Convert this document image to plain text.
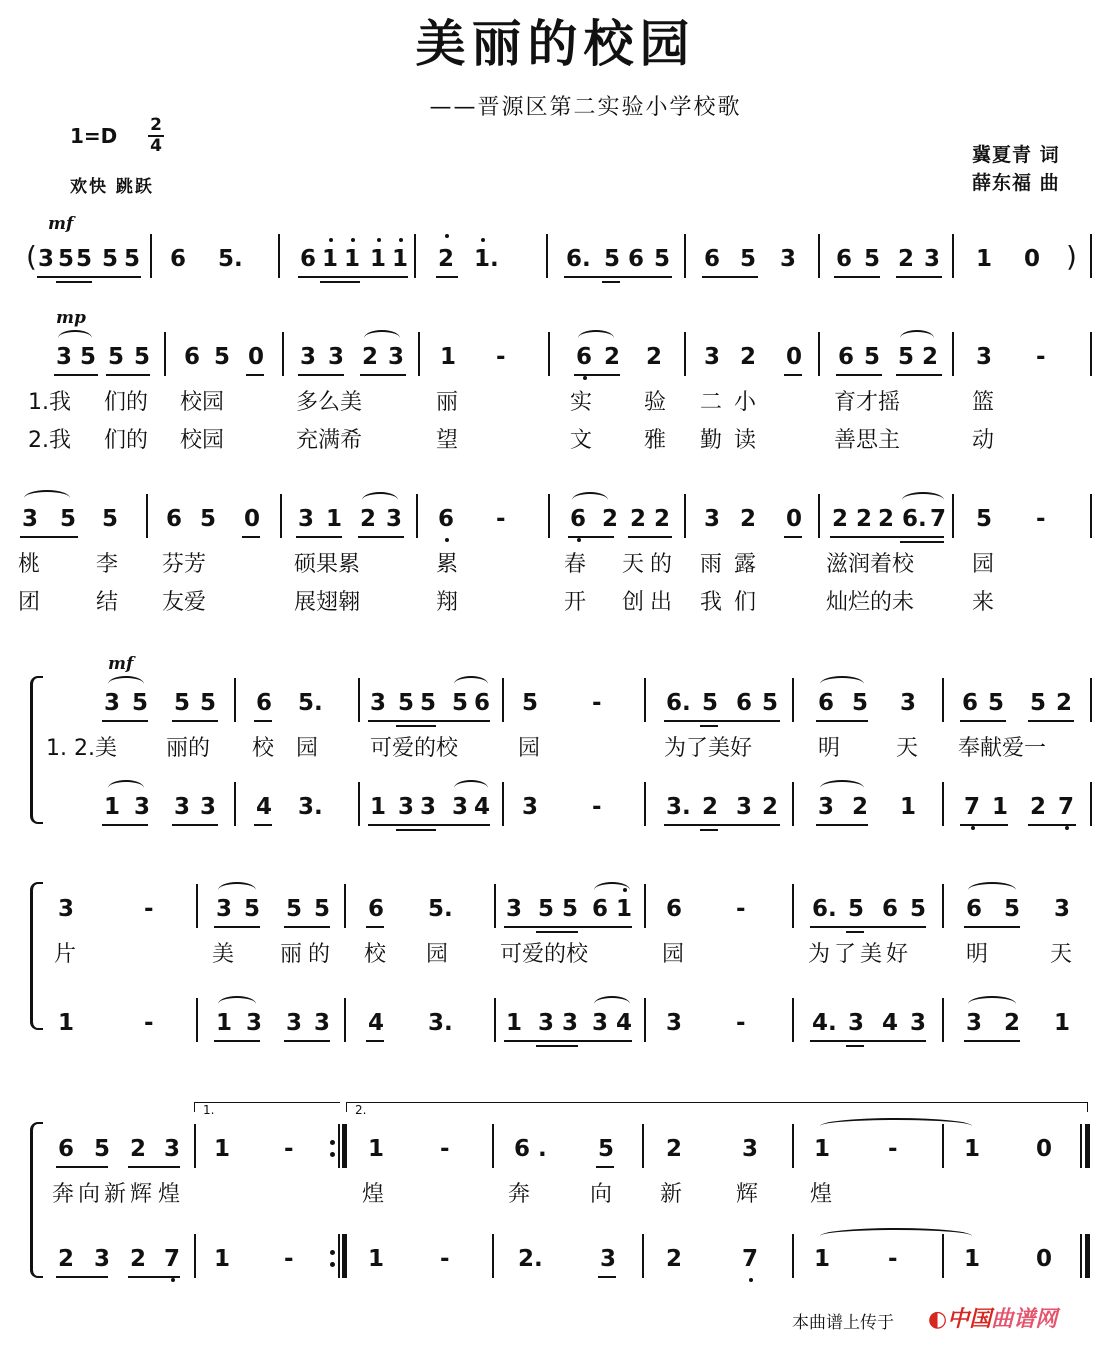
美丽的校园
——晋源区第二实验小学校歌
1=D 2
4
欢快 跳跃
冀夏青 词
薛东福 曲
mf
(	)
3 5 5 5 5 6 5. 6 1 1 1 1 2 1.	6. 5 6 5 6 5 3 6 5 2 3 1 0
mp
3 5 5 5 6 5 0 3 3 2 3 1 -	6 2 2 3 2 0 6 5 5 2 3 -
1.我 们的 校园	多么美	丽	实 验 二小	育才摇	篮
2.我 们的 校园	充满希	望	文 雅 勤读	善思主	动
3 5 5 6 5 0 3 1 2 3 6 -	6 2 2 2 3 2 0 2 2 2 6. 7 5 -
桃	李 芬芳	硕果累	累	春 天的 雨露	滋润着校	园
团	结 友爱	展翅翱	翔	开 创出 我们	灿烂的未	来
mf
3 5 5 5 6 5. 3 5 5 5 6 5 -	6. 5 6 5 6 5 3 6 5 5 2
1. 2.美 丽的 校 园 可爱的校	园	为了美好	明	天 奉献爱一
1 3 3 3 4 3. 1 3 3 3 4 3 -	3. 2 3 2 3 2 1 7 1 2 7
3	-	3 5 5 5 6 5. 3 5 5 6 1 6 -	6. 5 6 5 6 5 3
片	美 丽的 校 园 可爱的校	园	为了美好 明	天
1	-	1 3 3 3 4 3. 1 3 3 3 4 3 -	4. 3 4 3 3 2 1
1.	2.
6 5 2 3 1 -	1 -	6 . 5 2	3 1	-	1 0
奔向新辉 煌	煌	奔	向 新 辉 煌
2 3 2 7 1 -	1 -	2. 3 2	7 1	-	1 0
本曲谱上传于 ◐中国曲谱网
